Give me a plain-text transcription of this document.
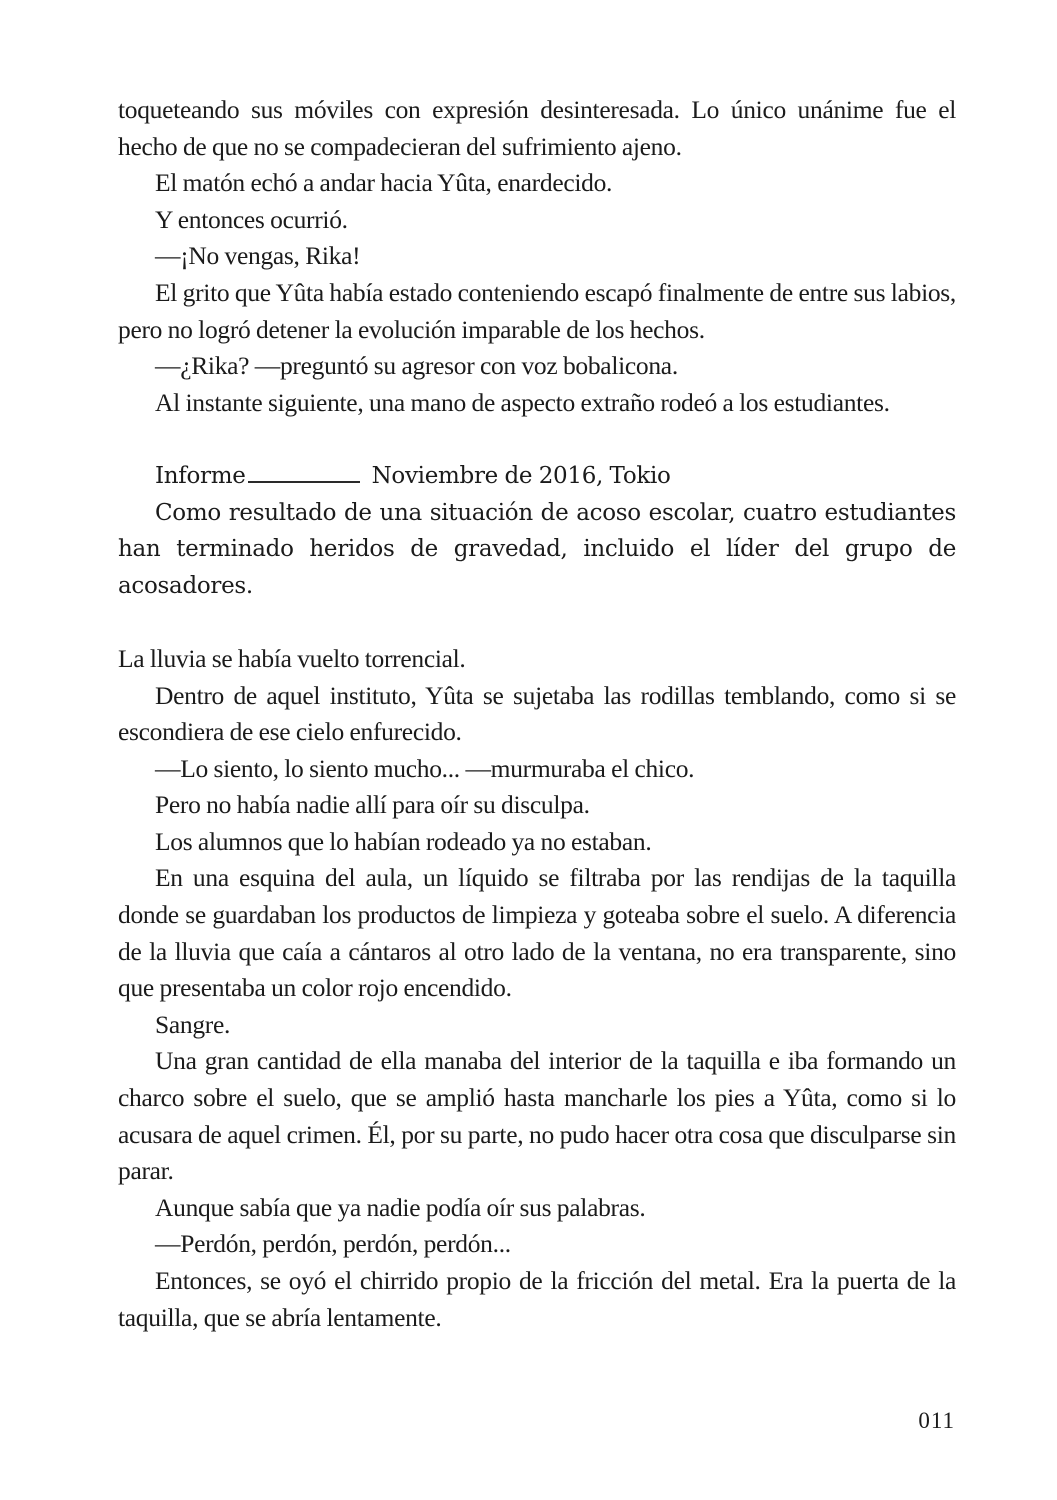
toqueteando sus móviles con expresión desinteresada. Lo único unánime fue el hecho de que no se compadecieran del sufrimiento ajeno.

El matón echó a andar hacia Yûta, enardecido.

Y entonces ocurrió.

—¡No vengas, Rika!

El grito que Yûta había estado conteniendo escapó finalmente de entre sus labios, pero no logró detener la evolución imparable de los hechos.

—¿Rika? —preguntó su agresor con voz bobalicona.

Al instante siguiente, una mano de aspecto extraño rodeó a los estudiantes.

Informe	Noviembre de 2016, Tokio

Como resultado de una situación de acoso escolar, cuatro estudiantes han terminado heridos de gravedad, incluido el líder del grupo de acosadores.

La lluvia se había vuelto torrencial.

Dentro de aquel instituto, Yûta se sujetaba las rodillas temblando, como si se escondiera de ese cielo enfurecido.

—Lo siento, lo siento mucho... —murmuraba el chico.

Pero no había nadie allí para oír su disculpa.

Los alumnos que lo habían rodeado ya no estaban.

En una esquina del aula, un líquido se filtraba por las rendijas de la taquilla donde se guardaban los productos de limpieza y goteaba sobre el suelo. A diferencia de la lluvia que caía a cántaros al otro lado de la ventana, no era transparente, sino que presentaba un color rojo encendido.

Sangre.

Una gran cantidad de ella manaba del interior de la taquilla e iba formando un charco sobre el suelo, que se amplió hasta mancharle los pies a Yûta, como si lo acusara de aquel crimen. Él, por su parte, no pudo hacer otra cosa que disculparse sin parar.

Aunque sabía que ya nadie podía oír sus palabras.

—Perdón, perdón, perdón, perdón...

Entonces, se oyó el chirrido propio de la fricción del metal. Era la puerta de la taquilla, que se abría lentamente.

011
